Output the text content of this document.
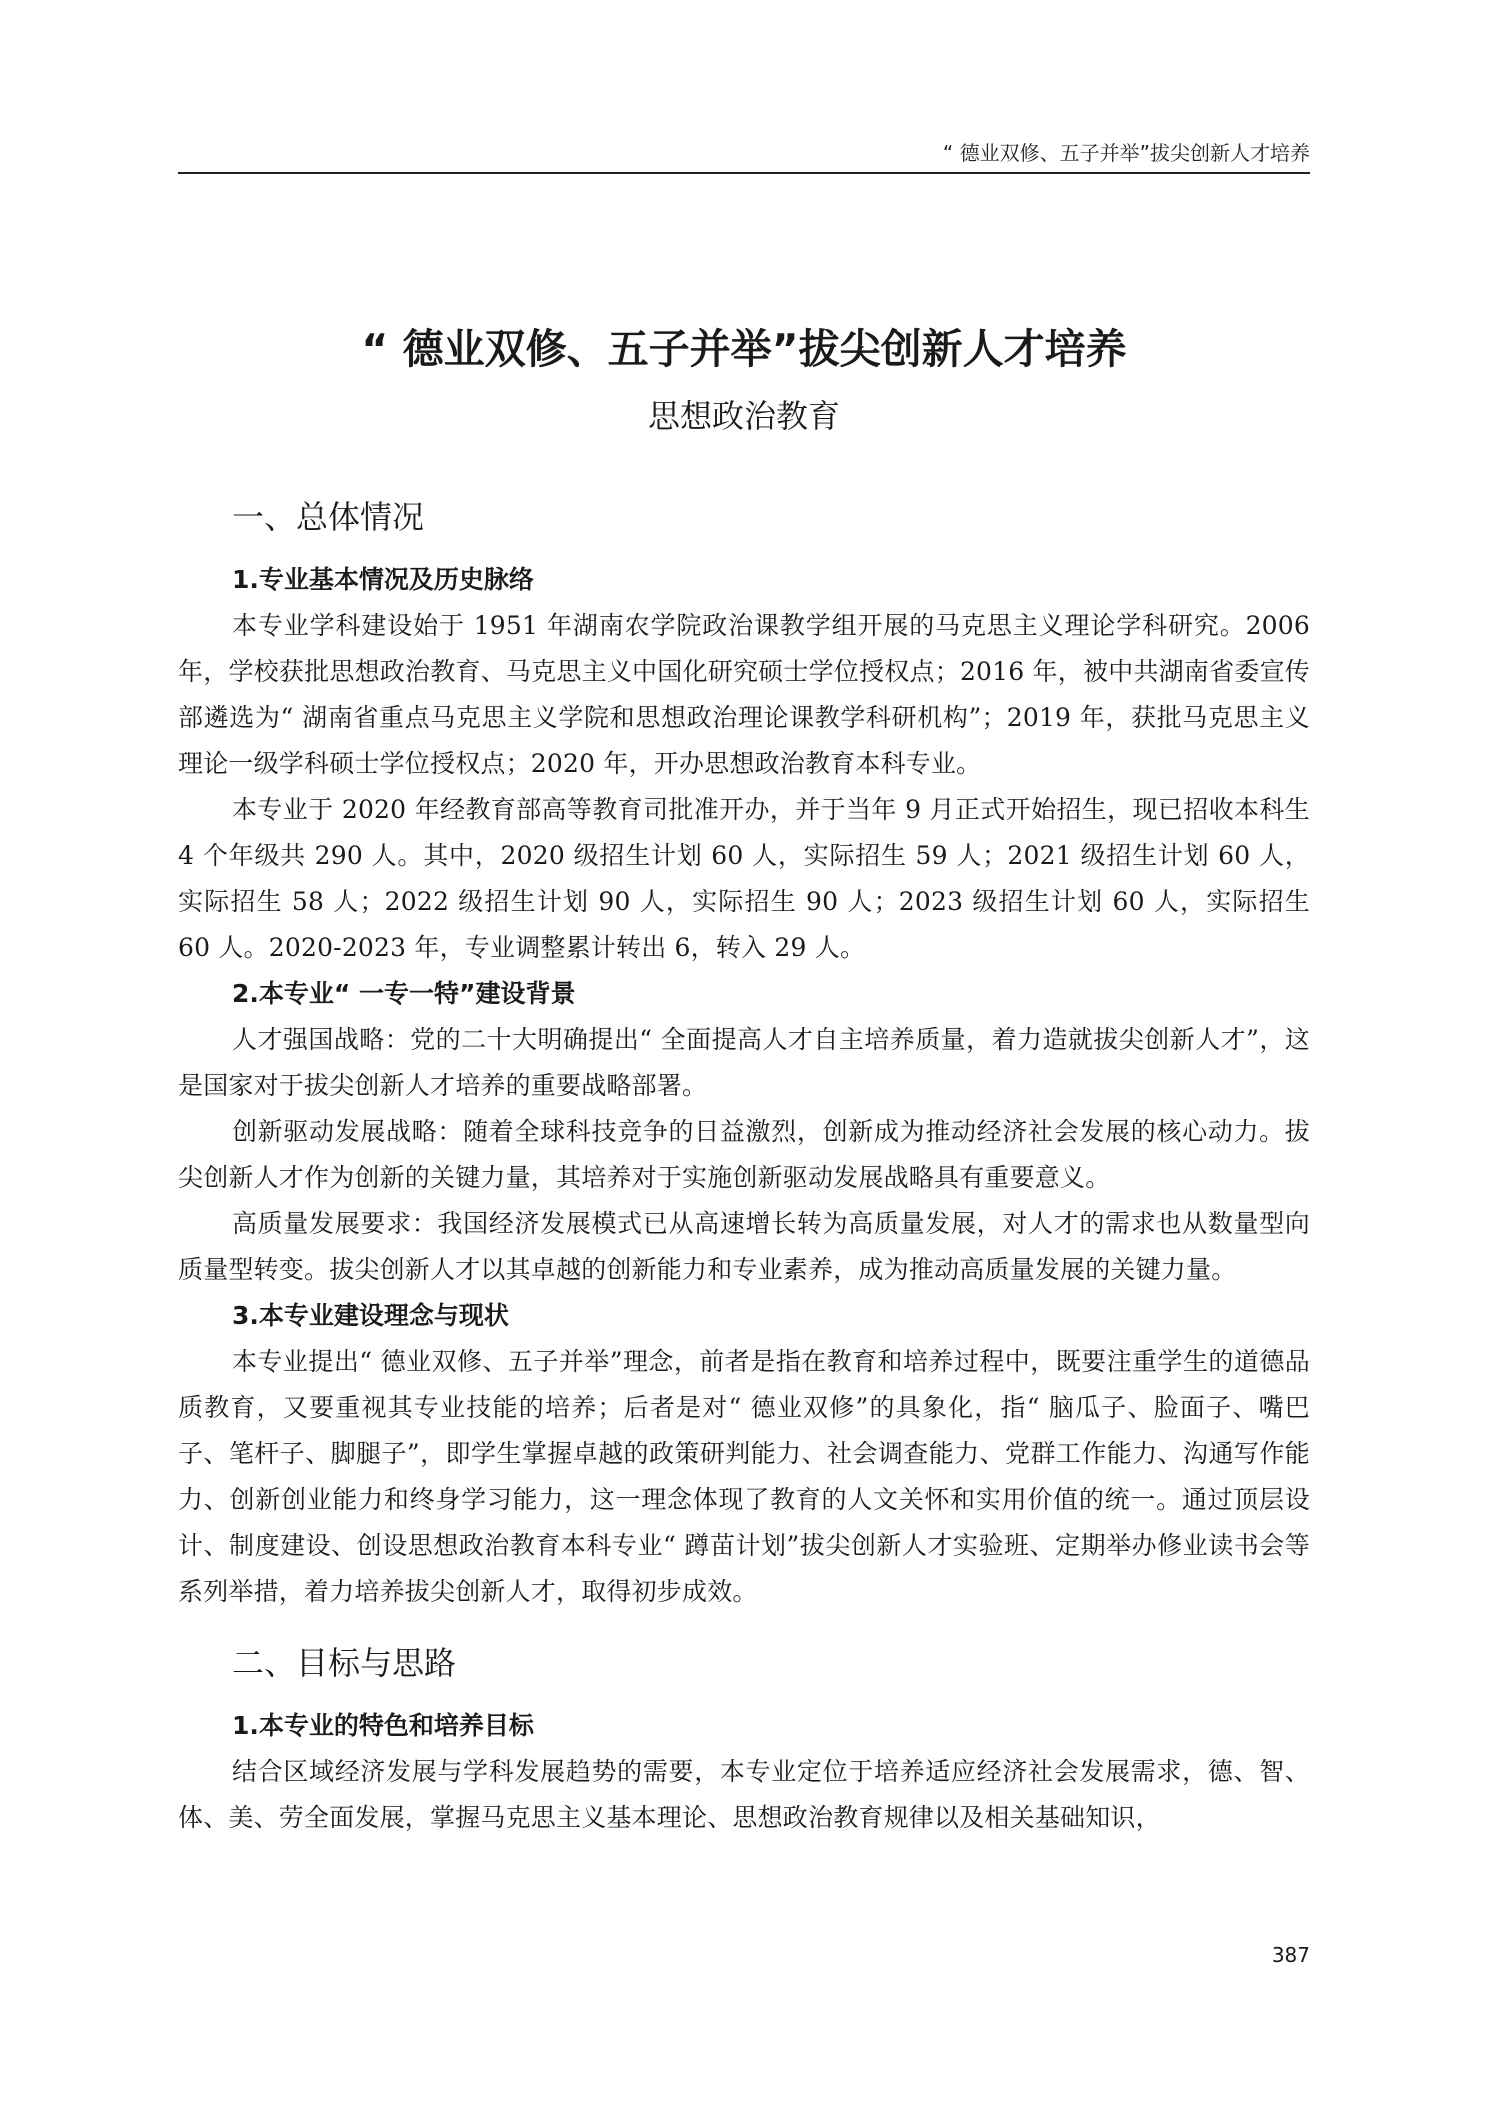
“ 德业双修、五子并举”拔尖创新人才培养
“ 德业双修、五子并举”拔尖创新人才培养
思想政治教育
一、总体情况
1.专业基本情况及历史脉络

本专业学科建设始于 1951 年湖南农学院政治课教学组开展的马克思主义理论学科研究。2006 年，学校获批思想政治教育、马克思主义中国化研究硕士学位授权点；2016 年，被中共湖南省委宣传部遴选为“ 湖南省重点马克思主义学院和思想政治理论课教学科研机构”；2019 年，获批马克思主义理论一级学科硕士学位授权点；2020 年，开办思想政治教育本科专业。

本专业于 2020 年经教育部高等教育司批准开办，并于当年 9 月正式开始招生，现已招收本科生 4 个年级共 290 人。其中，2020 级招生计划 60 人，实际招生 59 人；2021 级招生计划 60 人，实际招生 58 人；2022 级招生计划 90 人，实际招生 90 人；2023 级招生计划 60 人，实际招生 60 人。2020-2023 年，专业调整累计转出 6，转入 29 人。

2.本专业“ 一专一特”建设背景

人才强国战略：党的二十大明确提出“ 全面提高人才自主培养质量，着力造就拔尖创新人才”，这是国家对于拔尖创新人才培养的重要战略部署。

创新驱动发展战略：随着全球科技竞争的日益激烈，创新成为推动经济社会发展的核心动力。拔尖创新人才作为创新的关键力量，其培养对于实施创新驱动发展战略具有重要意义。

高质量发展要求：我国经济发展模式已从高速增长转为高质量发展，对人才的需求也从数量型向质量型转变。拔尖创新人才以其卓越的创新能力和专业素养，成为推动高质量发展的关键力量。

3.本专业建设理念与现状

本专业提出“ 德业双修、五子并举”理念，前者是指在教育和培养过程中，既要注重学生的道德品质教育，又要重视其专业技能的培养；后者是对“ 德业双修”的具象化，指“ 脑瓜子、脸面子、嘴巴子、笔杆子、脚腿子”，即学生掌握卓越的政策研判能力、社会调查能力、党群工作能力、沟通写作能力、创新创业能力和终身学习能力，这一理念体现了教育的人文关怀和实用价值的统一。通过顶层设计、制度建设、创设思想政治教育本科专业“ 蹲苗计划”拔尖创新人才实验班、定期举办修业读书会等系列举措，着力培养拔尖创新人才，取得初步成效。

二、目标与思路
1.本专业的特色和培养目标

结合区域经济发展与学科发展趋势的需要，本专业定位于培养适应经济社会发展需求，德、智、体、美、劳全面发展，掌握马克思主义基本理论、思想政治教育规律以及相关基础知识，

387
